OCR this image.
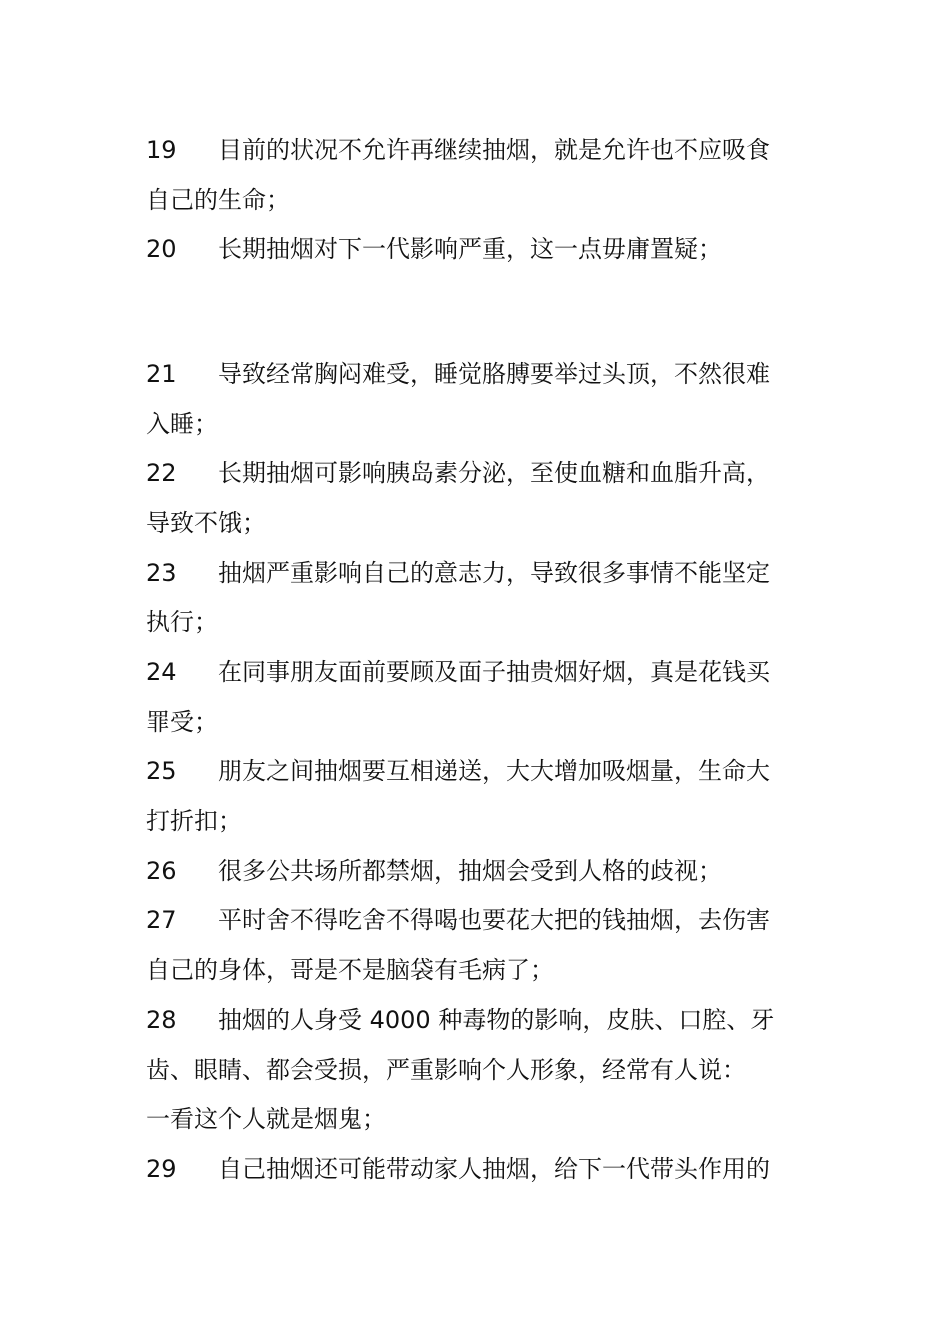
19 目前的状况不允许再继续抽烟，就是允许也不应吸食
自己的生命；
20 长期抽烟对下一代影响严重，这一点毋庸置疑；
21 导致经常胸闷难受，睡觉胳膊要举过头顶，不然很难
入睡；
22 长期抽烟可影响胰岛素分泌，至使血糖和血脂升高，
导致不饿；
23 抽烟严重影响自己的意志力，导致很多事情不能坚定
执行；
24 在同事朋友面前要顾及面子抽贵烟好烟，真是花钱买
罪受；
25 朋友之间抽烟要互相递送，大大增加吸烟量，生命大
打折扣；
26 很多公共场所都禁烟，抽烟会受到人格的歧视；
27 平时舍不得吃舍不得喝也要花大把的钱抽烟，去伤害
自己的身体，哥是不是脑袋有毛病了；
28 抽烟的人身受 4000 种毒物的影响，皮肤、口腔、牙
齿、眼睛、都会受损，严重影响个人形象，经常有人说：
一看这个人就是烟鬼；
29 自己抽烟还可能带动家人抽烟，给下一代带头作用的
